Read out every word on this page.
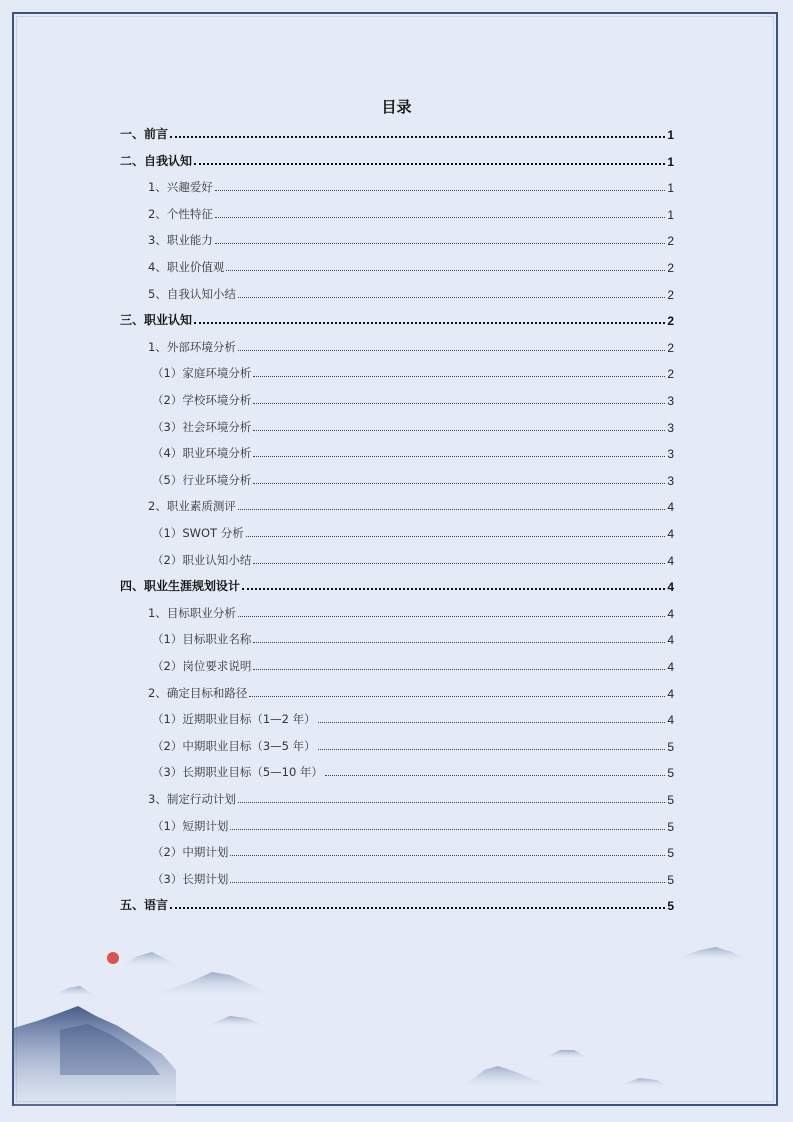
目录
一、前言	1
二、自我认知	1
1、兴趣爱好	1
2、个性特征	1
3、职业能力	2
4、职业价值观	2
5、自我认知小结	2
三、职业认知	2
1、外部环境分析	2
（1）家庭环境分析	2
（2）学校环境分析	3
（3）社会环境分析	3
（4）职业环境分析	3
（5）行业环境分析	3
2、职业素质测评	4
（1）SWOT 分析	4
（2）职业认知小结	4
四、职业生涯规划设计	4
1、目标职业分析	4
（1）目标职业名称	4
（2）岗位要求说明	4
2、确定目标和路径	4
（1）近期职业目标（1—2 年）	4
（2）中期职业目标（3—5 年）	5
（3）长期职业目标（5—10 年）	5
3、制定行动计划	5
（1）短期计划	5
（2）中期计划	5
（3）长期计划	5
五、语言	5
